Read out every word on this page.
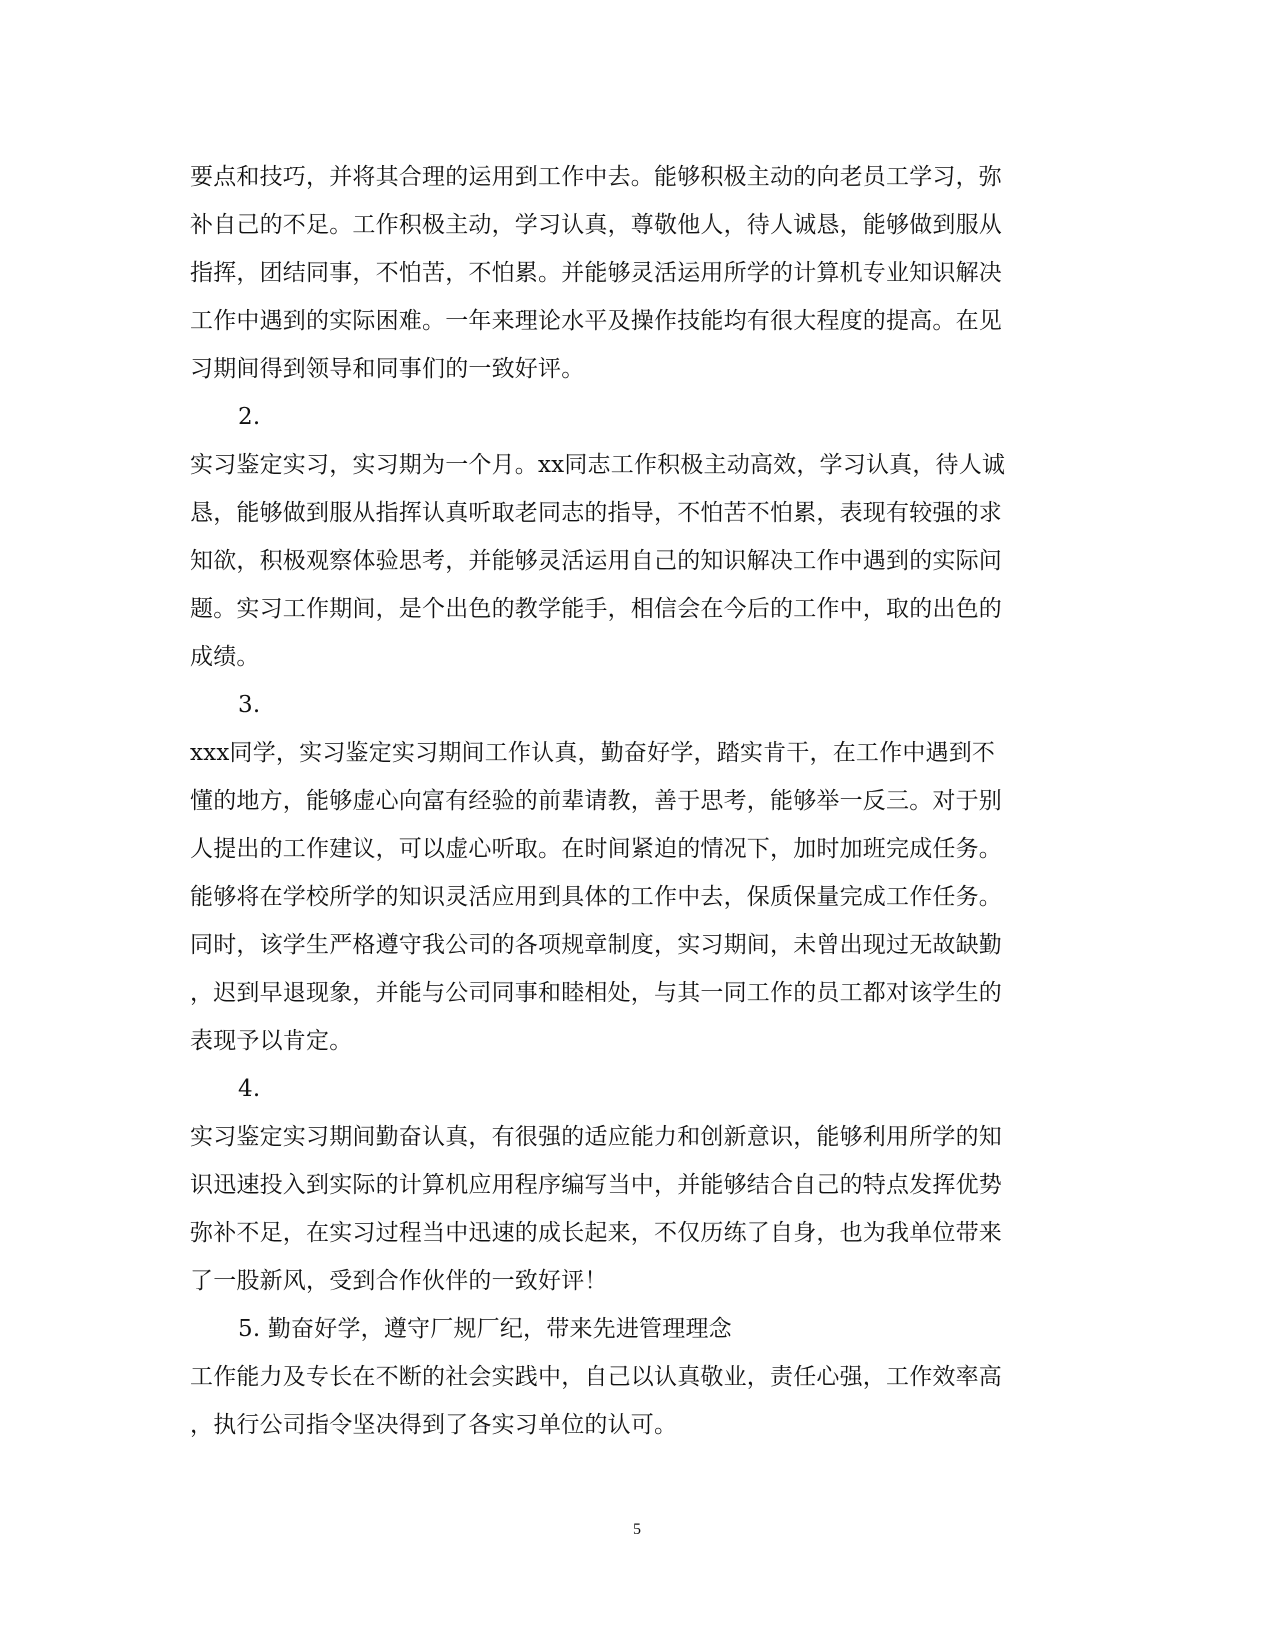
要点和技巧，并将其合理的运用到工作中去。能够积极主动的向老员工学习，弥
补自己的不足。工作积极主动，学习认真，尊敬他人，待人诚恳，能够做到服从
指挥，团结同事，不怕苦，不怕累。并能够灵活运用所学的计算机专业知识解决
工作中遇到的实际困难。一年来理论水平及操作技能均有很大程度的提高。在见
习期间得到领导和同事们的一致好评。
2.
实习鉴定实习，实习期为一个月。xx同志工作积极主动高效，学习认真，待人诚
恳，能够做到服从指挥认真听取老同志的指导，不怕苦不怕累，表现有较强的求
知欲，积极观察体验思考，并能够灵活运用自己的知识解决工作中遇到的实际问
题。实习工作期间，是个出色的教学能手，相信会在今后的工作中，取的出色的
成绩。
3.
xxx同学，实习鉴定实习期间工作认真，勤奋好学，踏实肯干，在工作中遇到不
懂的地方，能够虚心向富有经验的前辈请教，善于思考，能够举一反三。对于别
人提出的工作建议，可以虚心听取。在时间紧迫的情况下，加时加班完成任务。
能够将在学校所学的知识灵活应用到具体的工作中去，保质保量完成工作任务。
同时，该学生严格遵守我公司的各项规章制度，实习期间，未曾出现过无故缺勤
，迟到早退现象，并能与公司同事和睦相处，与其一同工作的员工都对该学生的
表现予以肯定。
4.
实习鉴定实习期间勤奋认真，有很强的适应能力和创新意识，能够利用所学的知
识迅速投入到实际的计算机应用程序编写当中，并能够结合自己的特点发挥优势
弥补不足，在实习过程当中迅速的成长起来，不仅历练了自身，也为我单位带来
了一股新风，受到合作伙伴的一致好评！
5. 勤奋好学，遵守厂规厂纪，带来先进管理理念
工作能力及专长在不断的社会实践中，自己以认真敬业，责任心强，工作效率高
，执行公司指令坚决得到了各实习单位的认可。
5
